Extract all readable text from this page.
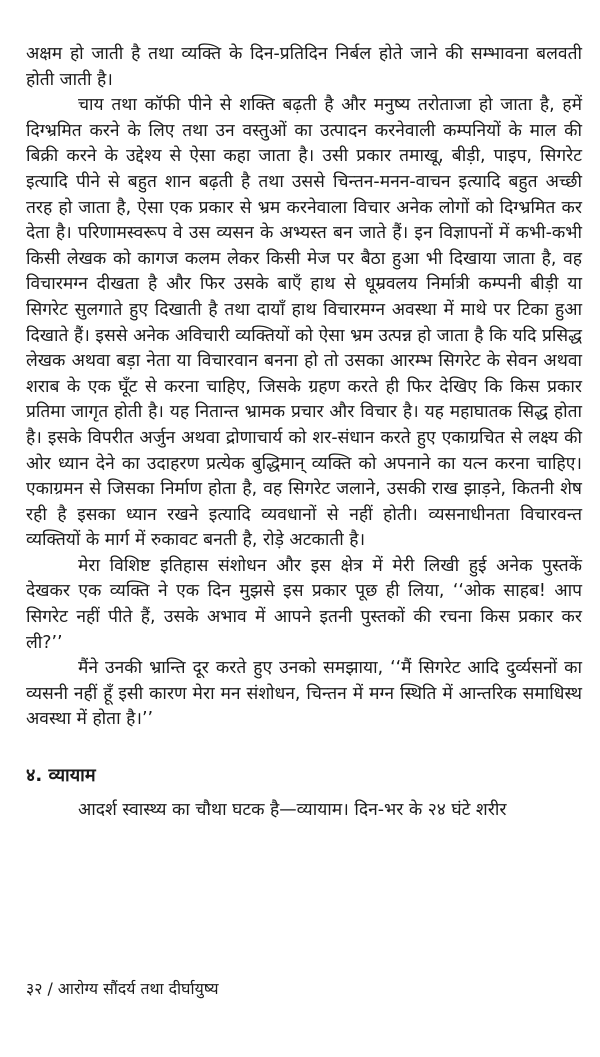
अक्षम हो जाती है तथा व्यक्ति के दिन-प्रतिदिन निर्बल होते जाने की सम्भावना बलवती होती जाती है।

चाय तथा कॉफी पीने से शक्ति बढ़ती है और मनुष्य तरोताजा हो जाता है, हमें दिग्भ्रमित करने के लिए तथा उन वस्तुओं का उत्पादन करनेवाली कम्पनियों के माल की बिक्री करने के उद्देश्य से ऐसा कहा जाता है। उसी प्रकार तमाखू, बीड़ी, पाइप, सिगरेट इत्यादि पीने से बहुत शान बढ़ती है तथा उससे चिन्तन-मनन-वाचन इत्यादि बहुत अच्छी तरह हो जाता है, ऐसा एक प्रकार से भ्रम करनेवाला विचार अनेक लोगों को दिग्भ्रमित कर देता है। परिणामस्वरूप वे उस व्यसन के अभ्यस्त बन जाते हैं। इन विज्ञापनों में कभी-कभी किसी लेखक को कागज कलम लेकर किसी मेज पर बैठा हुआ भी दिखाया जाता है, वह विचारमग्न दीखता है और फिर उसके बाएँ हाथ से धूम्रवलय निर्मात्री कम्पनी बीड़ी या सिगरेट सुलगाते हुए दिखाती है तथा दायाँ हाथ विचारमग्न अवस्था में माथे पर टिका हुआ दिखाते हैं। इससे अनेक अविचारी व्यक्तियों को ऐसा भ्रम उत्पन्न हो जाता है कि यदि प्रसिद्ध लेखक अथवा बड़ा नेता या विचारवान बनना हो तो उसका आरम्भ सिगरेट के सेवन अथवा शराब के एक घूँट से करना चाहिए, जिसके ग्रहण करते ही फिर देखिए कि किस प्रकार प्रतिमा जागृत होती है। यह नितान्त भ्रामक प्रचार और विचार है। यह महाघातक सिद्ध होता है। इसके विपरीत अर्जुन अथवा द्रोणाचार्य को शर-संधान करते हुए एकाग्रचित से लक्ष्य की ओर ध्यान देने का उदाहरण प्रत्येक बुद्धिमान् व्यक्ति को अपनाने का यत्न करना चाहिए। एकाग्रमन से जिसका निर्माण होता है, वह सिगरेट जलाने, उसकी राख झाड़ने, कितनी शेष रही है इसका ध्यान रखने इत्यादि व्यवधानों से नहीं होती। व्यसनाधीनता विचारवन्त व्यक्तियों के मार्ग में रुकावट बनती है, रोड़े अटकाती है।

मेरा विशिष्ट इतिहास संशोधन और इस क्षेत्र में मेरी लिखी हुई अनेक पुस्तकें देखकर एक व्यक्ति ने एक दिन मुझसे इस प्रकार पूछ ही लिया, ‘‘ओक साहब! आप सिगरेट नहीं पीते हैं, उसके अभाव में आपने इतनी पुस्तकों की रचना किस प्रकार कर ली?’’

मैंने उनकी भ्रान्ति दूर करते हुए उनको समझाया, ‘‘मैं सिगरेट आदि दुर्व्यसनों का व्यसनी नहीं हूँ इसी कारण मेरा मन संशोधन, चिन्तन में मग्न स्थिति में आन्तरिक समाधिस्थ अवस्था में होता है।’’

४. व्यायाम

आदर्श स्वास्थ्य का चौथा घटक है—व्यायाम। दिन-भर के २४ घंटे शरीर

३२ / आरोग्य सौंदर्य तथा दीर्घायुष्य
